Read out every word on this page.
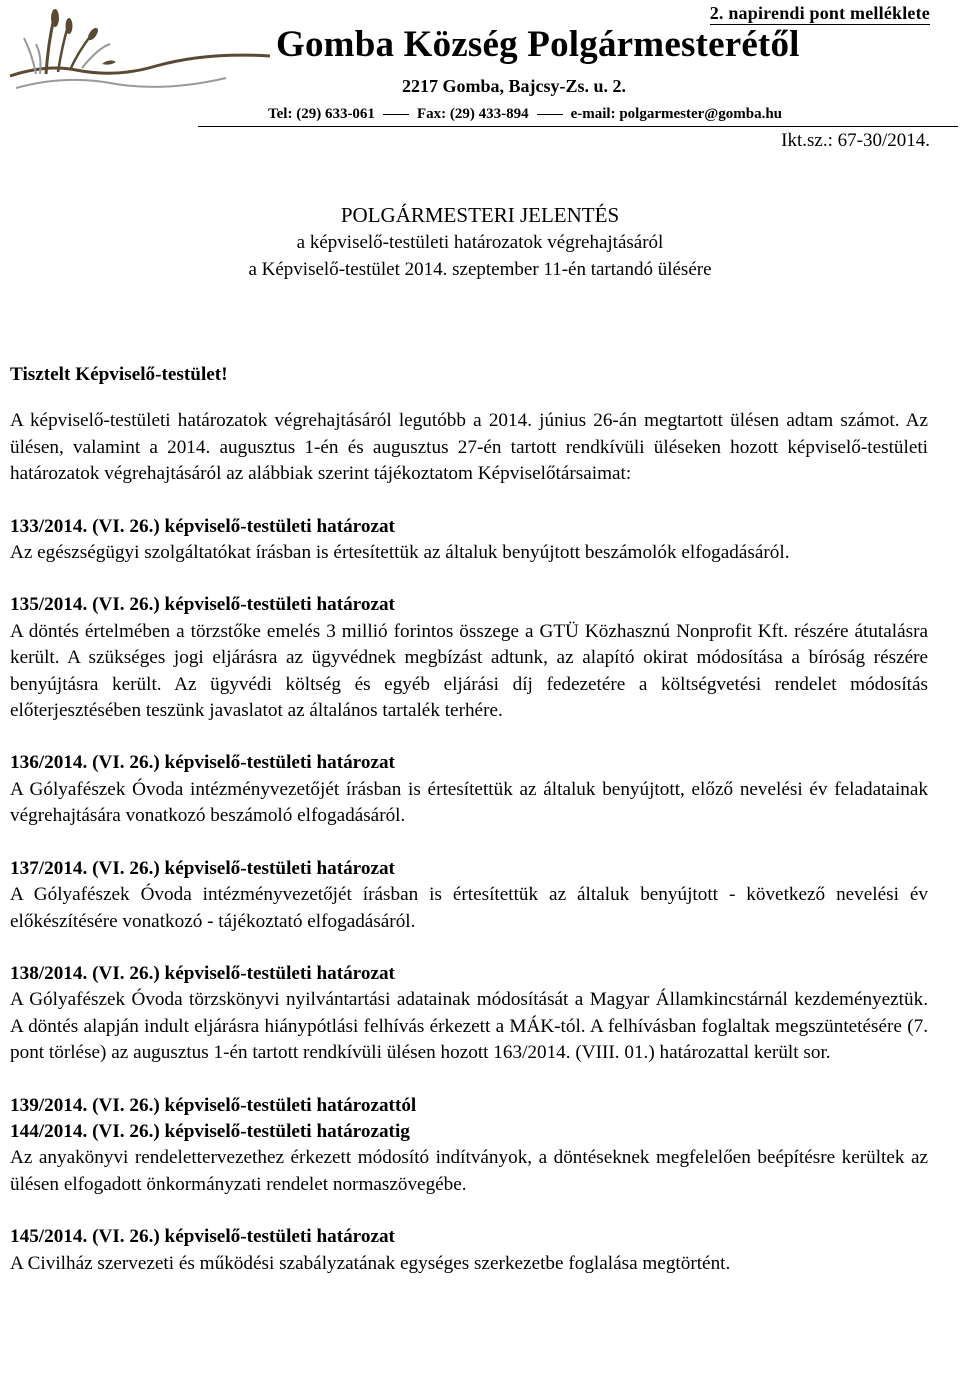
2. napirendi pont melléklete
Gomba Község Polgármesterétől
2217 Gomba, Bajcsy-Zs. u. 2.
Tel: (29) 633-061	Fax: (29) 433-894	e-mail: polgarmester@gomba.hu
Ikt.sz.: 67-30/2014.
POLGÁRMESTERI JELENTÉS
a képviselő-testületi határozatok végrehajtásáról
a Képviselő-testület 2014. szeptember 11-én tartandó ülésére

Tisztelt Képviselő-testület!

A képviselő-testületi határozatok végrehajtásáról legutóbb a 2014. június 26-án megtartott ülésen adtam számot. Az ülésen, valamint a 2014. augusztus 1-én és augusztus 27-én tartott rendkívüli üléseken hozott képviselő-testületi határozatok végrehajtásáról az alábbiak szerint tájékoztatom Képviselőtársaimat:

133/2014. (VI. 26.) képviselő-testületi határozat

Az egészségügyi szolgáltatókat írásban is értesítettük az általuk benyújtott beszámolók elfogadásáról.

135/2014. (VI. 26.) képviselő-testületi határozat

A döntés értelmében a törzstőke emelés 3 millió forintos összege a GTÜ Közhasznú Nonprofit Kft. részére átutalásra került. A szükséges jogi eljárásra az ügyvédnek megbízást adtunk, az alapító okirat módosítása a bíróság részére benyújtásra került. Az ügyvédi költség és egyéb eljárási díj fedezetére a költségvetési rendelet módosítás előterjesztésében teszünk javaslatot az általános tartalék terhére.

136/2014. (VI. 26.) képviselő-testületi határozat

A Gólyafészek Óvoda intézményvezetőjét írásban is értesítettük az általuk benyújtott, előző nevelési év feladatainak végrehajtására vonatkozó beszámoló elfogadásáról.

137/2014. (VI. 26.) képviselő-testületi határozat

A Gólyafészek Óvoda intézményvezetőjét írásban is értesítettük az általuk benyújtott - következő nevelési év előkészítésére vonatkozó - tájékoztató elfogadásáról.

138/2014. (VI. 26.) képviselő-testületi határozat

A Gólyafészek Óvoda törzskönyvi nyilvántartási adatainak módosítását a Magyar Államkincstárnál kezdeményeztük. A döntés alapján indult eljárásra hiánypótlási felhívás érkezett a MÁK-tól. A felhívásban foglaltak megszüntetésére (7. pont törlése) az augusztus 1-én tartott rendkívüli ülésen hozott 163/2014. (VIII. 01.) határozattal került sor.

139/2014. (VI. 26.) képviselő-testületi határozattól

144/2014. (VI. 26.) képviselő-testületi határozatig

Az anyakönyvi rendelettervezethez érkezett módosító indítványok, a döntéseknek megfelelően beépítésre kerültek az ülésen elfogadott önkormányzati rendelet normaszövegébe.

145/2014. (VI. 26.) képviselő-testületi határozat

A Civilház szervezeti és működési szabályzatának egységes szerkezetbe foglalása megtörtént.
